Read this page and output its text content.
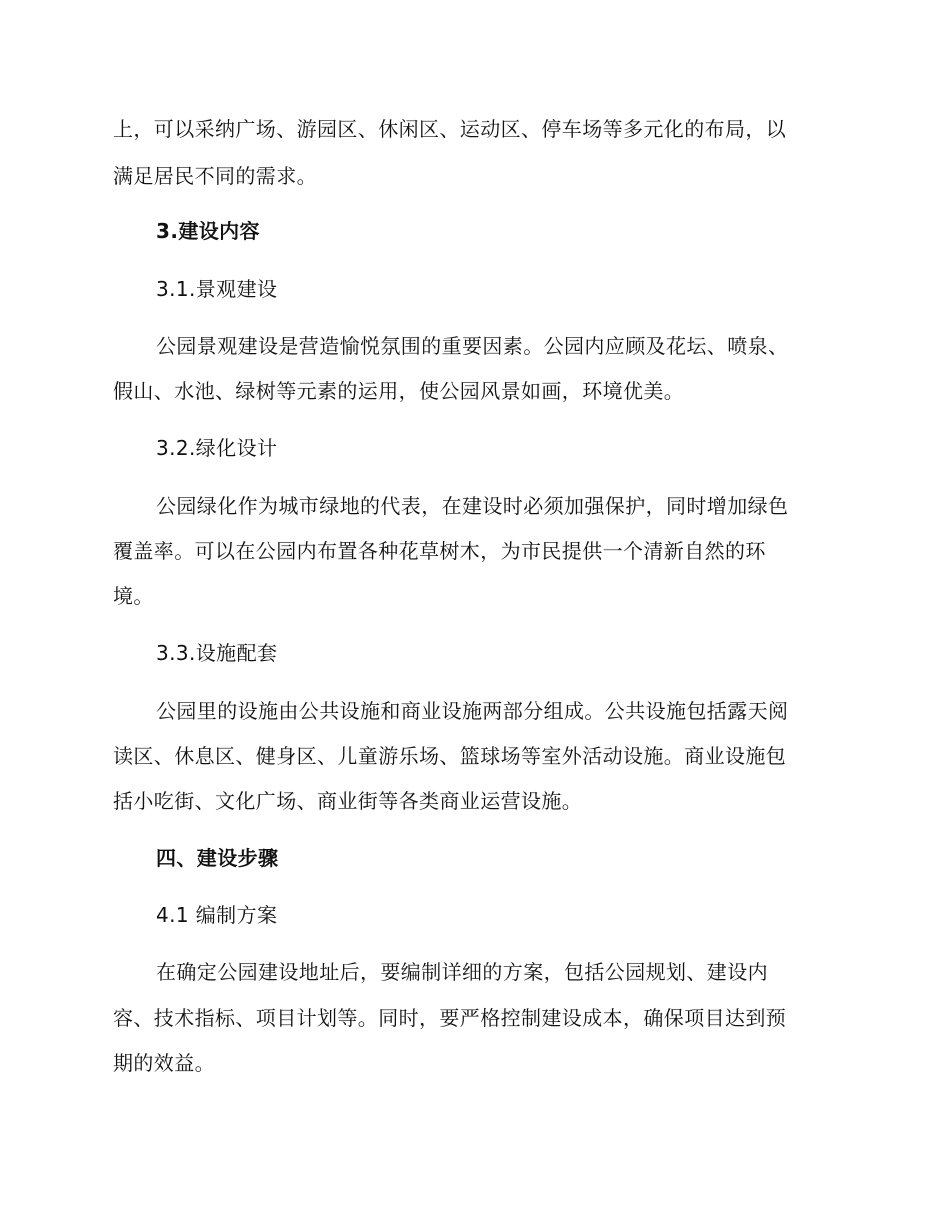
上，可以采纳广场、游园区、休闲区、运动区、停车场等多元化的布局，以
满足居民不同的需求。
3.建设内容
3.1.景观建设
公园景观建设是营造愉悦氛围的重要因素。公园内应顾及花坛、喷泉、
假山、水池、绿树等元素的运用，使公园风景如画，环境优美。
3.2.绿化设计
公园绿化作为城市绿地的代表，在建设时必须加强保护，同时增加绿色
覆盖率。可以在公园内布置各种花草树木，为市民提供一个清新自然的环
境。
3.3.设施配套
公园里的设施由公共设施和商业设施两部分组成。公共设施包括露天阅
读区、休息区、健身区、儿童游乐场、篮球场等室外活动设施。商业设施包
括小吃街、文化广场、商业街等各类商业运营设施。
四、建设步骤
4.1 编制方案
在确定公园建设地址后，要编制详细的方案，包括公园规划、建设内
容、技术指标、项目计划等。同时，要严格控制建设成本，确保项目达到预
期的效益。
